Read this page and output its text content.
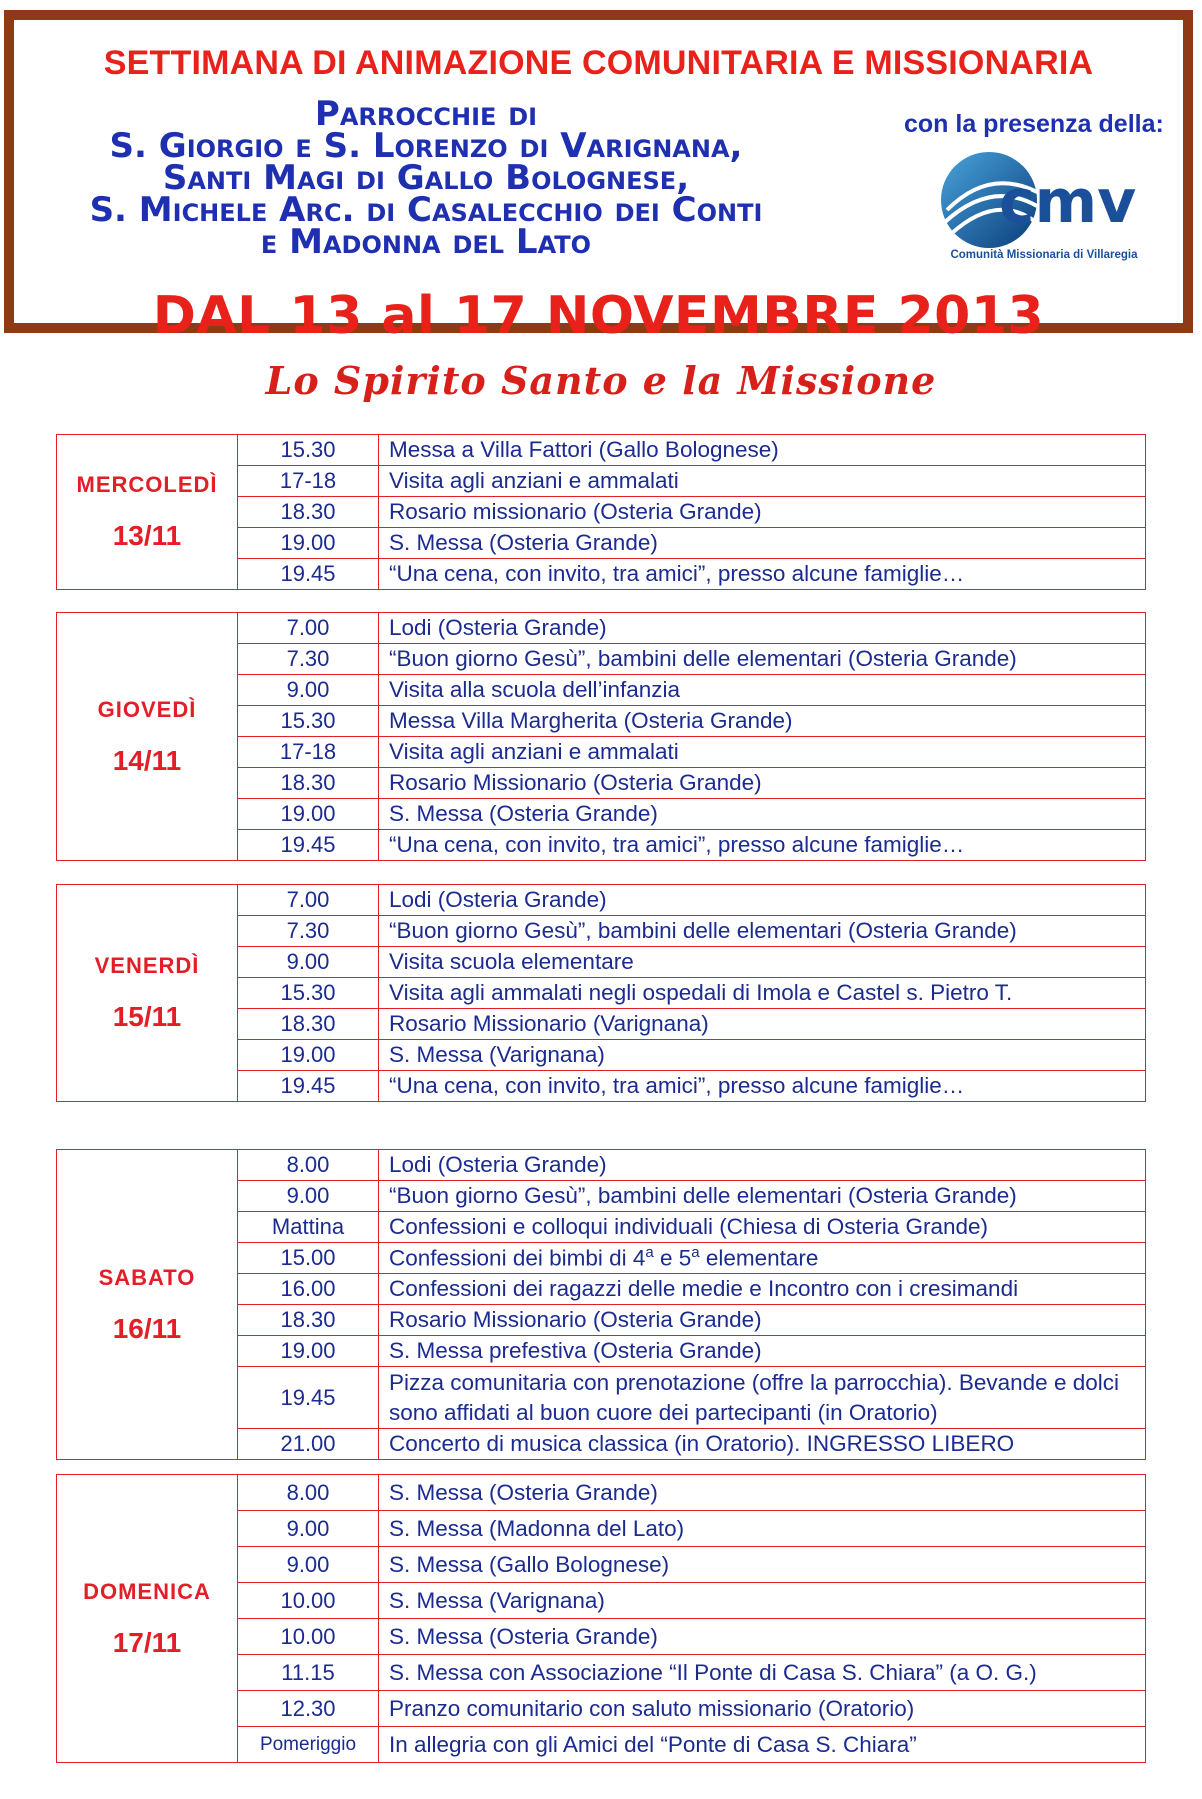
SETTIMANA DI ANIMAZIONE COMUNITARIA E MISSIONARIA
Parrocchie di
S. Giorgio e S. Lorenzo di Varignana,
Santi Magi di Gallo Bolognese,
S. Michele Arc. di Casalecchio dei Conti
e Madonna del Lato
con la presenza della:
cmv
Comunità Missionaria di Villaregia
DAL 13 al 17 NOVEMBRE 2013
Lo Spirito Santo e la Missione
MERCOLEDÌ
13/11	15.30	Messa a Villa Fattori (Gallo Bolognese)
	17-18	Visita agli anziani e ammalati
	18.30	Rosario missionario (Osteria Grande)
	19.00	S. Messa (Osteria Grande)
	19.45	“Una cena, con invito, tra amici”, presso alcune famiglie…
GIOVEDÌ
14/11	7.00	Lodi (Osteria Grande)
	7.30	“Buon giorno Gesù”, bambini delle elementari (Osteria Grande)
	9.00	Visita alla scuola dell’infanzia
	15.30	Messa Villa Margherita (Osteria Grande)
	17-18	Visita agli anziani e ammalati
	18.30	Rosario Missionario (Osteria Grande)
	19.00	S. Messa (Osteria Grande)
	19.45	“Una cena, con invito, tra amici”, presso alcune famiglie…
VENERDÌ
15/11	7.00	Lodi (Osteria Grande)
	7.30	“Buon giorno Gesù”, bambini delle elementari (Osteria Grande)
	9.00	Visita scuola elementare
	15.30	Visita agli ammalati negli ospedali di Imola e Castel s. Pietro T.
	18.30	Rosario Missionario (Varignana)
	19.00	S. Messa (Varignana)
	19.45	“Una cena, con invito, tra amici”, presso alcune famiglie…
SABATO
16/11	8.00	Lodi (Osteria Grande)
	9.00	“Buon giorno Gesù”, bambini delle elementari (Osteria Grande)
	Mattina	Confessioni e colloqui individuali (Chiesa di Osteria Grande)
	15.00	Confessioni dei bimbi di 4$^a$ e 5$^a$ elementare
	16.00	Confessioni dei ragazzi delle medie e Incontro con i cresimandi
	18.30	Rosario Missionario (Osteria Grande)
	19.00	S. Messa prefestiva (Osteria Grande)
	19.45	Pizza comunitaria con prenotazione (offre la parrocchia). Bevande e dolci sono affidati al buon cuore dei partecipanti (in Oratorio)
	21.00	Concerto di musica classica (in Oratorio). INGRESSO LIBERO
DOMENICA
17/11	8.00	S. Messa (Osteria Grande)
	9.00	S. Messa (Madonna del Lato)
	9.00	S. Messa (Gallo Bolognese)
	10.00	S. Messa (Varignana)
	10.00	S. Messa (Osteria Grande)
	11.15	S. Messa con Associazione “Il Ponte di Casa S. Chiara” (a O. G.)
	12.30	Pranzo comunitario con saluto missionario (Oratorio)
	Pomeriggio	In allegria con gli Amici del “Ponte di Casa S. Chiara”
